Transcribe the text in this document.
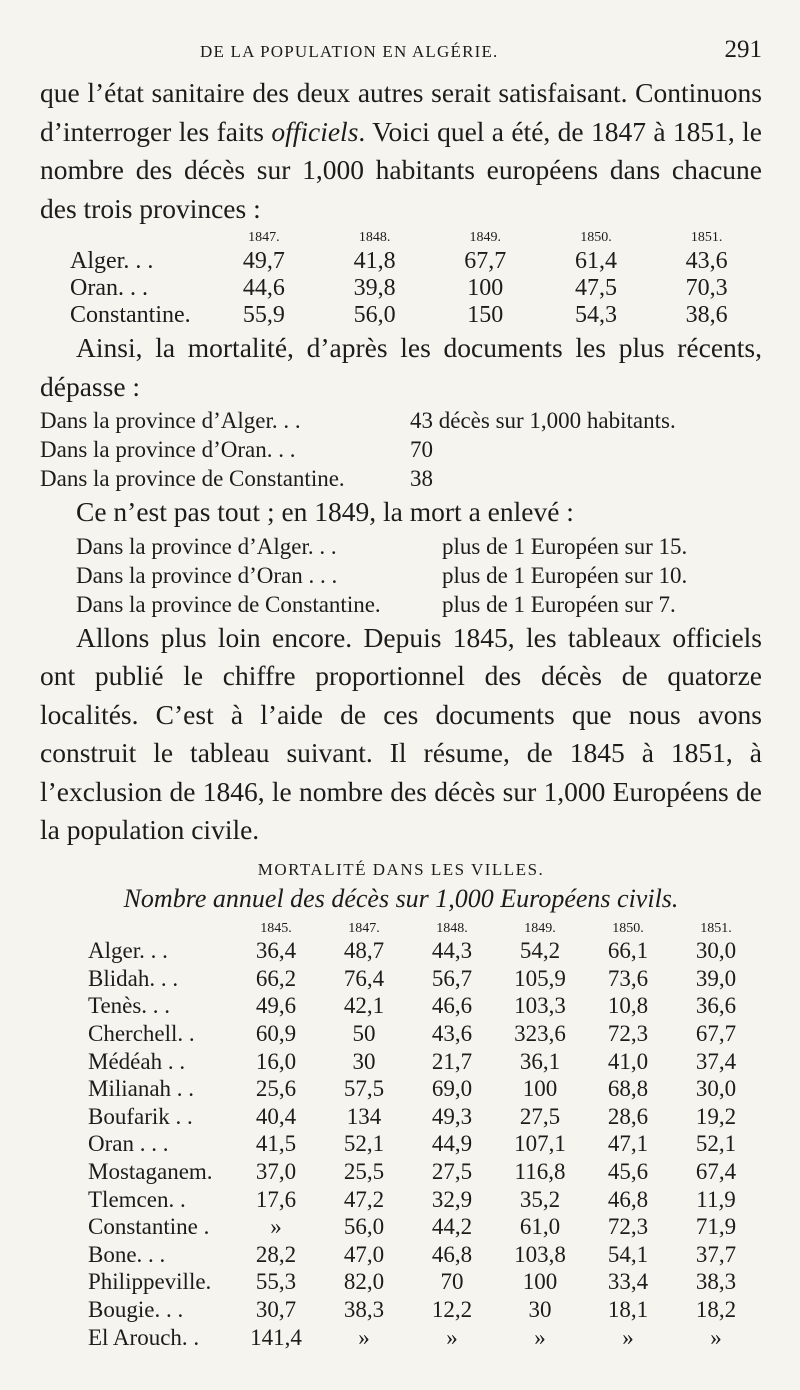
DE LA POPULATION EN ALGÉRIE.	291

que l’état sanitaire des deux autres serait satisfaisant. Continuons d’interroger les faits officiels. Voici quel a été, de 1847 à 1851, le nombre des décès sur 1,000 habitants européens dans chacune des trois provinces :

	1847.	1848.	1849.	1850.	1851.
Alger. . .	49,7	41,8	67,7	61,4	43,6
Oran. . .	44,6	39,8	100	47,5	70,3
Constantine.	55,9	56,0	150	54,3	38,6

Ainsi, la mortalité, d’après les documents les plus récents, dépasse :

Dans la province d’Alger. . .	43 décès sur 1,000 habitants.
Dans la province d’Oran. . .	70
Dans la province de Constantine.	38

Ce n’est pas tout ; en 1849, la mort a enlevé :

Dans la province d’Alger. . .	plus de 1 Européen sur 15.
Dans la province d’Oran . . .	plus de 1 Européen sur 10.
Dans la province de Constantine.	plus de 1 Européen sur 7.

Allons plus loin encore. Depuis 1845, les tableaux officiels ont publié le chiffre proportionnel des décès de quatorze localités. C’est à l’aide de ces documents que nous avons construit le tableau suivant. Il résume, de 1845 à 1851, à l’exclusion de 1846, le nombre des décès sur 1,000 Européens de la population civile.

MORTALITÉ DANS LES VILLES.
Nombre annuel des décès sur 1,000 Européens civils.
	1845.	1847.	1848.	1849.	1850.	1851.
Alger. . .	36,4	48,7	44,3	54,2	66,1	30,0
Blidah. . .	66,2	76,4	56,7	105,9	73,6	39,0
Tenès. . .	49,6	42,1	46,6	103,3	10,8	36,6
Cherchell. .	60,9	50	43,6	323,6	72,3	67,7
Médéah . .	16,0	30	21,7	36,1	41,0	37,4
Milianah . .	25,6	57,5	69,0	100	68,8	30,0
Boufarik . .	40,4	134	49,3	27,5	28,6	19,2
Oran . . .	41,5	52,1	44,9	107,1	47,1	52,1
Mostaganem.	37,0	25,5	27,5	116,8	45,6	67,4
Tlemcen. .	17,6	47,2	32,9	35,2	46,8	11,9
Constantine .	»	56,0	44,2	61,0	72,3	71,9
Bone. . .	28,2	47,0	46,8	103,8	54,1	37,7
Philippeville.	55,3	82,0	70	100	33,4	38,3
Bougie. . .	30,7	38,3	12,2	30	18,1	18,2
El Arouch. .	141,4	»	»	»	»	»
